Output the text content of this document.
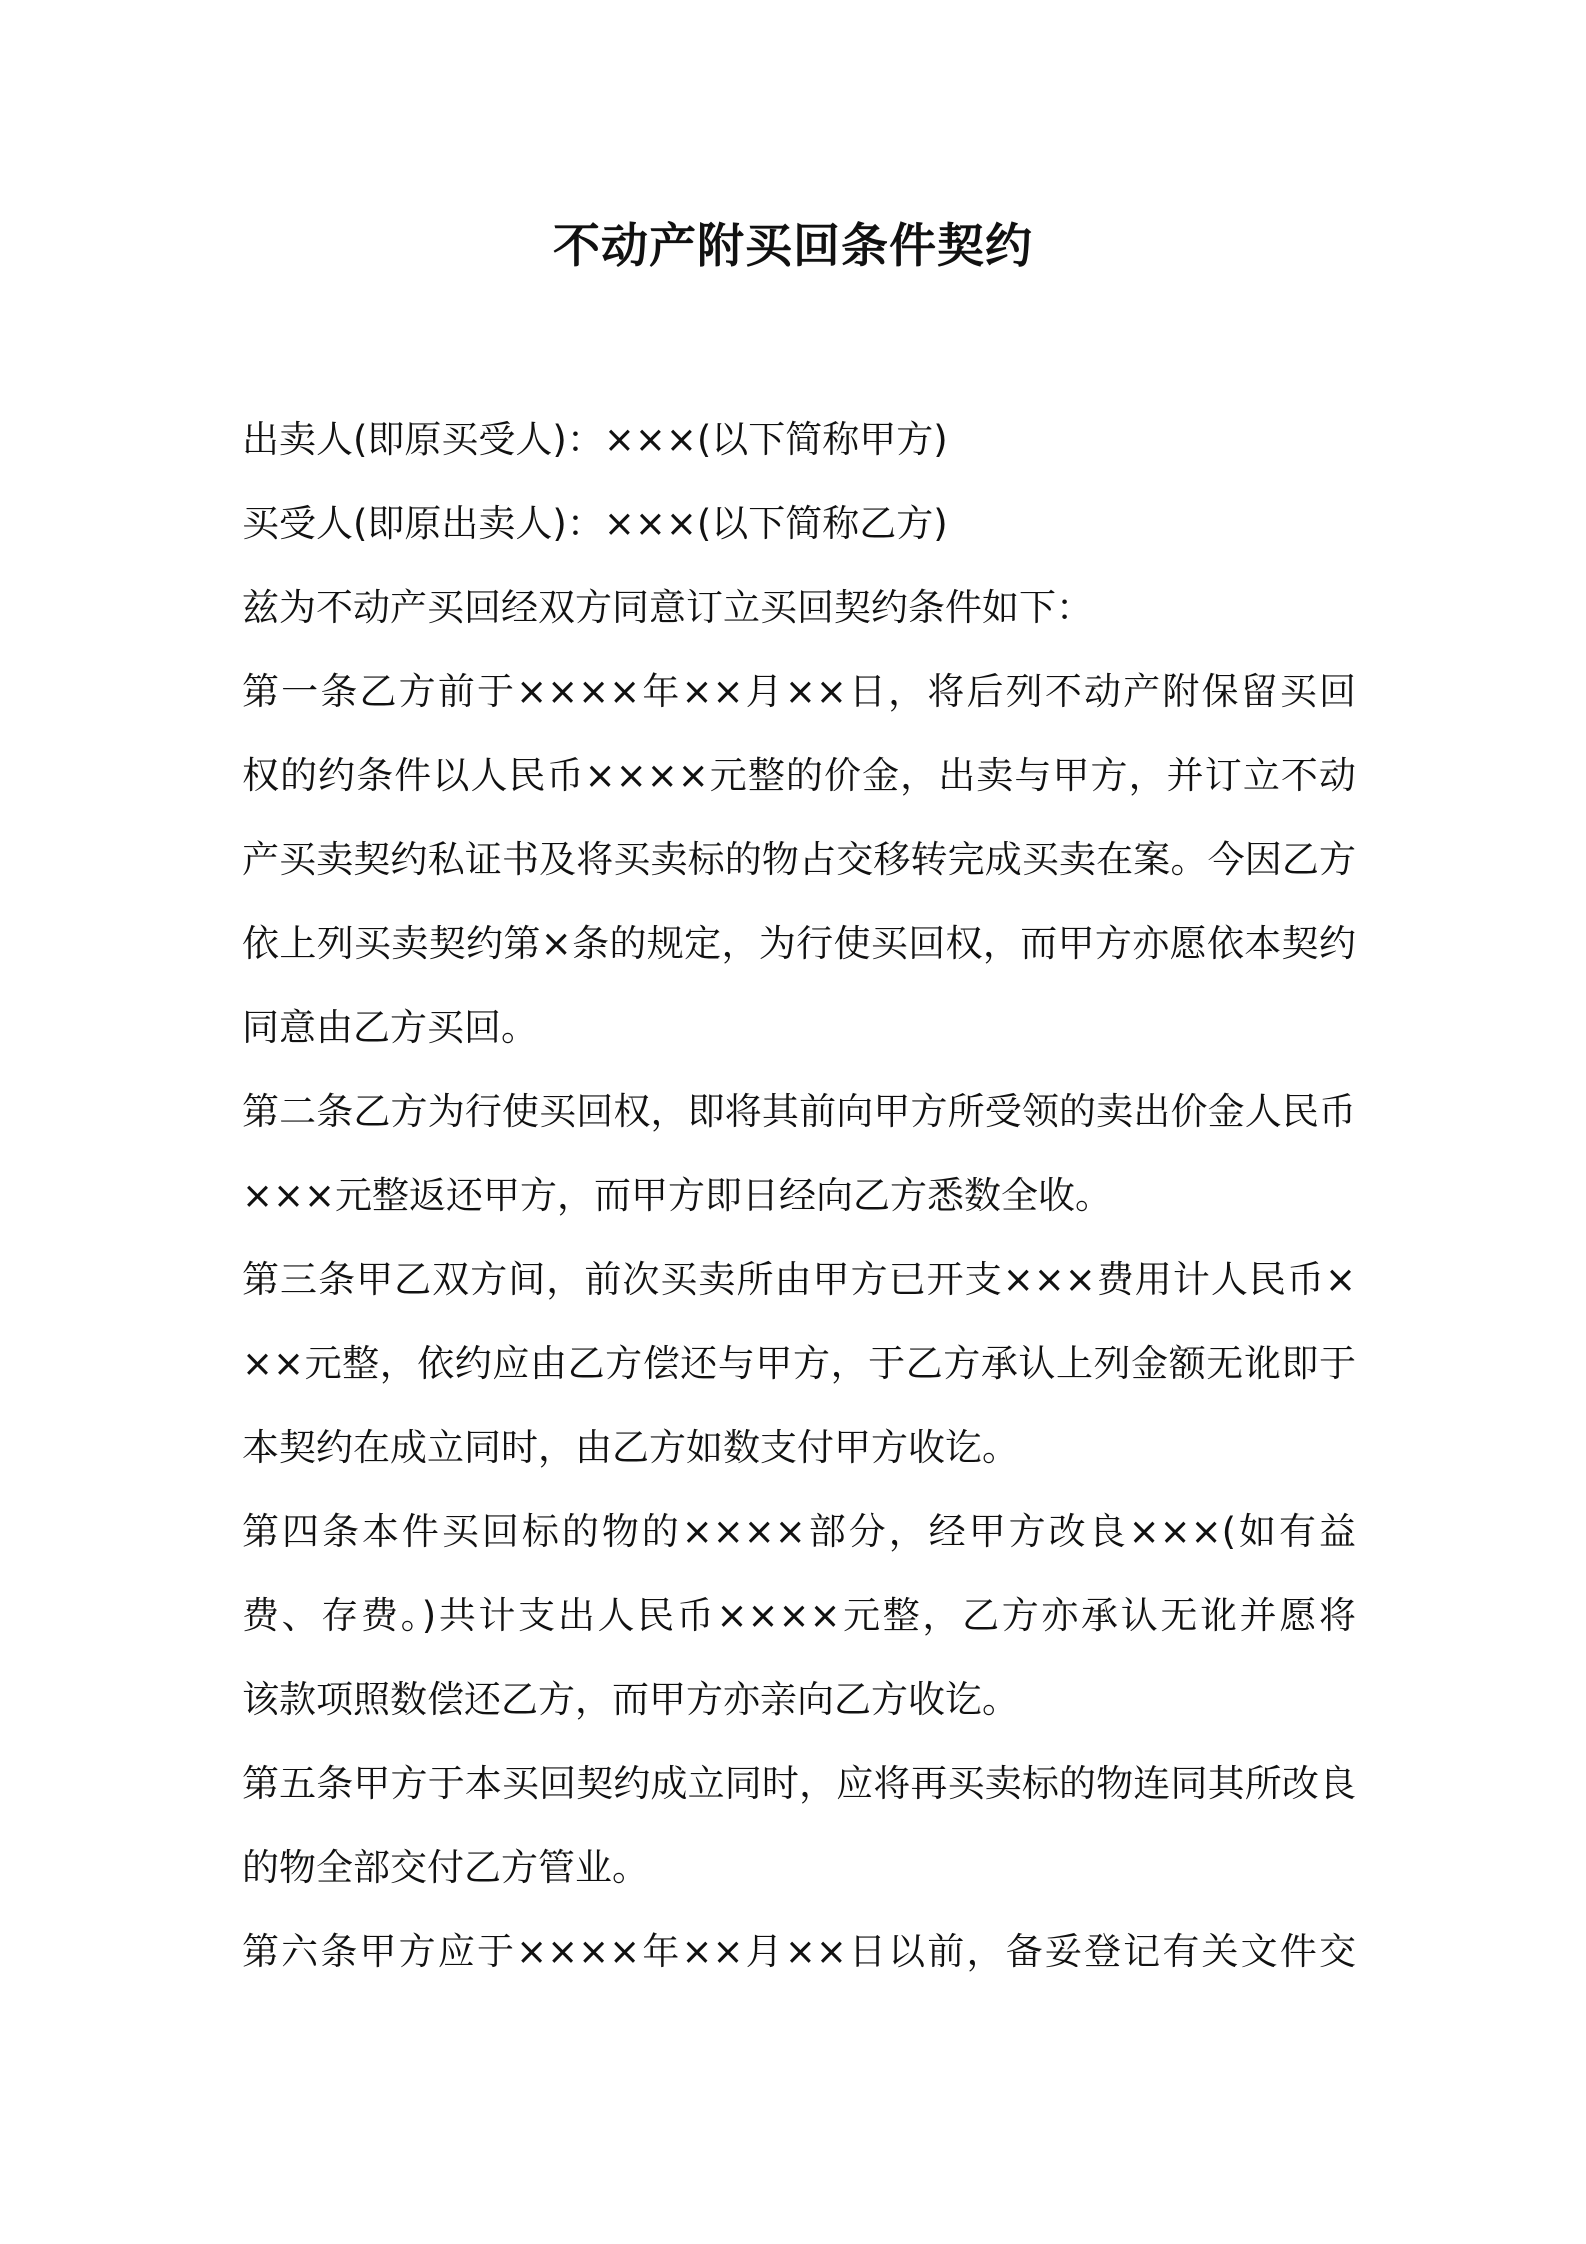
不动产附买回条件契约

出卖人(即原买受人)：×××(以下简称甲方)

买受人(即原出卖人)：×××(以下简称乙方)

兹为不动产买回经双方同意订立买回契约条件如下：

第一条乙方前于××××年××月××日，将后列不动产附保留买回

权的约条件以人民币××××元整的价金，出卖与甲方，并订立不动

产买卖契约私证书及将买卖标的物占交移转完成买卖在案。今因乙方

依上列买卖契约第×条的规定，为行使买回权，而甲方亦愿依本契约

同意由乙方买回。

第二条乙方为行使买回权，即将其前向甲方所受领的卖出价金人民币

×××元整返还甲方，而甲方即日经向乙方悉数全收。

第三条甲乙双方间，前次买卖所由甲方已开支×××费用计人民币×

××元整，依约应由乙方偿还与甲方，于乙方承认上列金额无讹即于

本契约在成立同时，由乙方如数支付甲方收讫。

第四条本件买回标的物的××××部分，经甲方改良×××(如有益

费、存费。)共计支出人民币××××元整，乙方亦承认无讹并愿将

该款项照数偿还乙方，而甲方亦亲向乙方收讫。

第五条甲方于本买回契约成立同时，应将再买卖标的物连同其所改良

的物全部交付乙方管业。

第六条甲方应于××××年××月××日以前，备妥登记有关文件交
